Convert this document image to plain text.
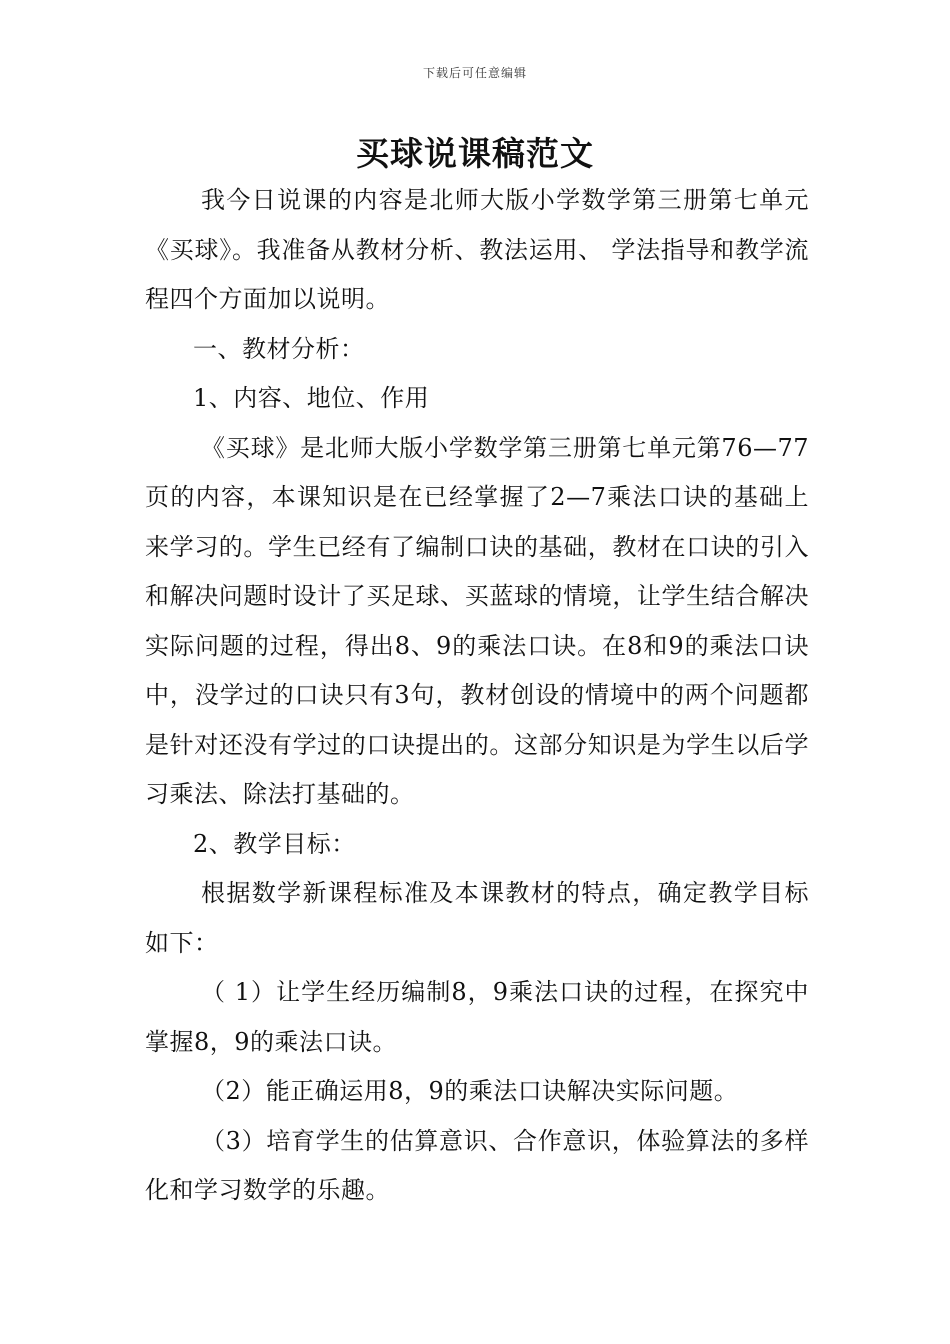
下载后可任意编辑
买球说课稿范文

我今日说课的内容是北师大版小学数学第三册第七单元《买球》。我准备从教材分析、教法运用、 学法指导和教学流程四个方面加以说明。

一、教材分析：

1、内容、地位、作用

《买球》是北师大版小学数学第三册第七单元第76—77页的内容，本课知识是在已经掌握了2—7乘法口诀的基础上来学习的。学生已经有了编制口诀的基础，教材在口诀的引入和解决问题时设计了买足球、买蓝球的情境，让学生结合解决实际问题的过程，得出8、9的乘法口诀。在8和9的乘法口诀中，没学过的口诀只有3句，教材创设的情境中的两个问题都是针对还没有学过的口诀提出的。这部分知识是为学生以后学习乘法、除法打基础的。

2、教学目标：

根据数学新课程标准及本课教材的特点，确定教学目标如下：

（ 1）让学生经历编制8，9乘法口诀的过程，在探究中掌握8，9的乘法口诀。

（2）能正确运用8，9的乘法口诀解决实际问题。

（3）培育学生的估算意识、合作意识，体验算法的多样化和学习数学的乐趣。
